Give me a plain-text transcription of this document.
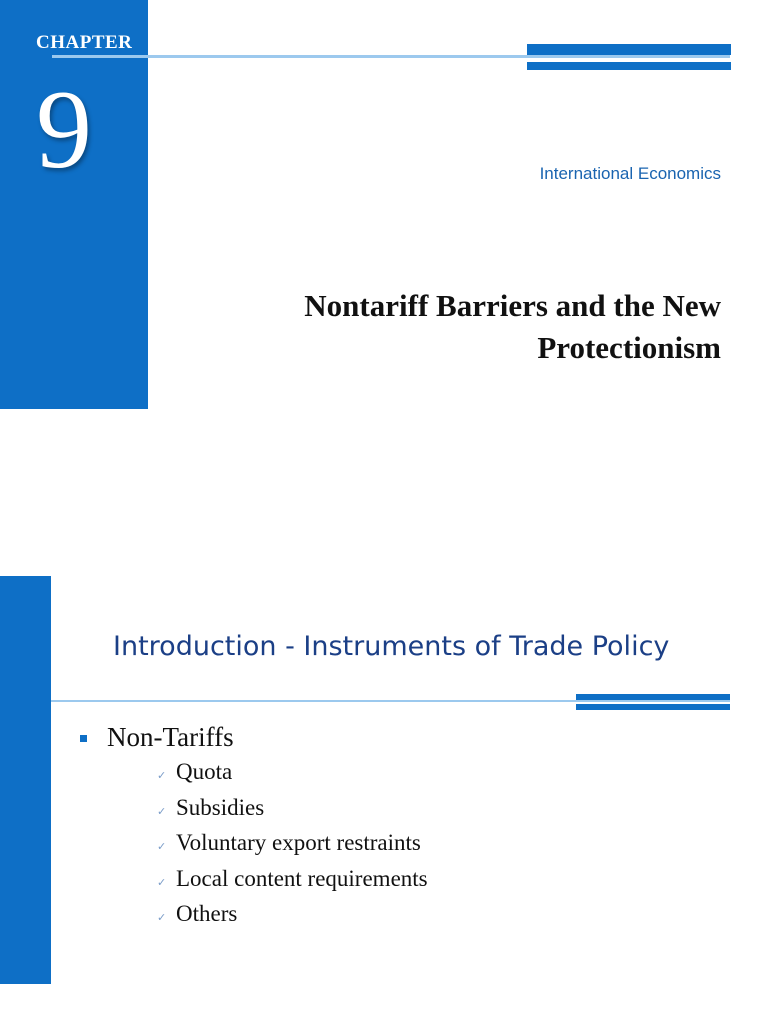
CHAPTER
9	International Economics
Nontariff Barriers and the New
Protectionism
Introduction - Instruments of Trade Policy
Non-Tariffs
✓ Quota
✓ Subsidies
✓ Voluntary export restraints
✓ Local content requirements
✓ Others
